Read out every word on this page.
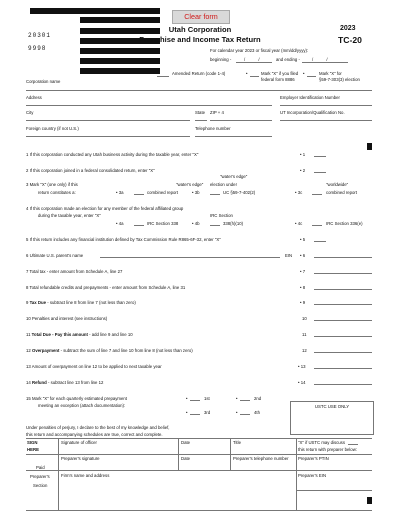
20301
9998
Clear form
Utah Corporation
Franchise and Income Tax Return
2023
TC-20
For calendar year 2023 or fiscal year (mm/dd/yyyy):
beginning -	/ / and ending -	/ /
•	Amended Return (code 1-4)	•	Mark "X" if you filed
federal form 8886
•	Mark "X" for
§59-7-303(3) election
Corporation name
Address	Employer Identification Number
City	State ZIP + 4	UT Incorporation/Qualification No.
Foreign country (if not U.S.)	Telephone number
1 If this corporation conducted any Utah business activity during the taxable year, enter "X"	• 1
2 If this corporation joined in a federal consolidated return, enter "X"	• 2
"water's edge"
3 Mark "X" (one only) if this	"water's edge" election under	"worldwide"
return constitutes a:	• 3a	combined report	• 3b	UC §59-7-402(2)	• 3c	combined report
4 If this corporation made an election for any member of the federal affiliated group
during the taxable year, enter "X"	IRC Section
• 4a	IRC Section 338	• 4b	338(h)(10)	• 4c	IRC Section 336(e)
5 If this return includes any financial institution defined by Tax Commission Rule R865-6F-32, enter "X"	• 5
6 Ultimate U.S. parent's name	EIN • 6
7 Total tax - enter amount from Schedule A, line 27	• 7
8 Total refundable credits and prepayments - enter amount from Schedule A, line 31	• 8
9 Tax Due - subtract line 8 from line 7 (not less than zero)	• 9
10 Penalties and interest (see instructions)	10
11 Total Due - Pay this amount - add line 9 and line 10	11
12 Overpayment - subtract the sum of line 7 and line 10 from line 8 (not less than zero)	12
13 Amount of overpayment on line 12 to be applied to next taxable year	• 13
14 Refund - subtract line 13 from line 12	• 14
15 Mark "X" for each quarterly estimated prepayment
meeting an exception (attach documentation):
•	1st	•	2nd
•	3rd	•	4th
USTC USE ONLY
Under penalties of perjury, I declare to the best of my knowledge and belief,
this return and accompanying schedules are true, correct and complete.
SIGN
HERE
Signature of officer	Date	Title	"X" if USTC may discuss
this return with preparer below:
Preparer's signature	Date	Preparer's telephone number Preparer's PTIN
Paid
Preparer's
Section
Firm's name and address	Preparer's EIN
